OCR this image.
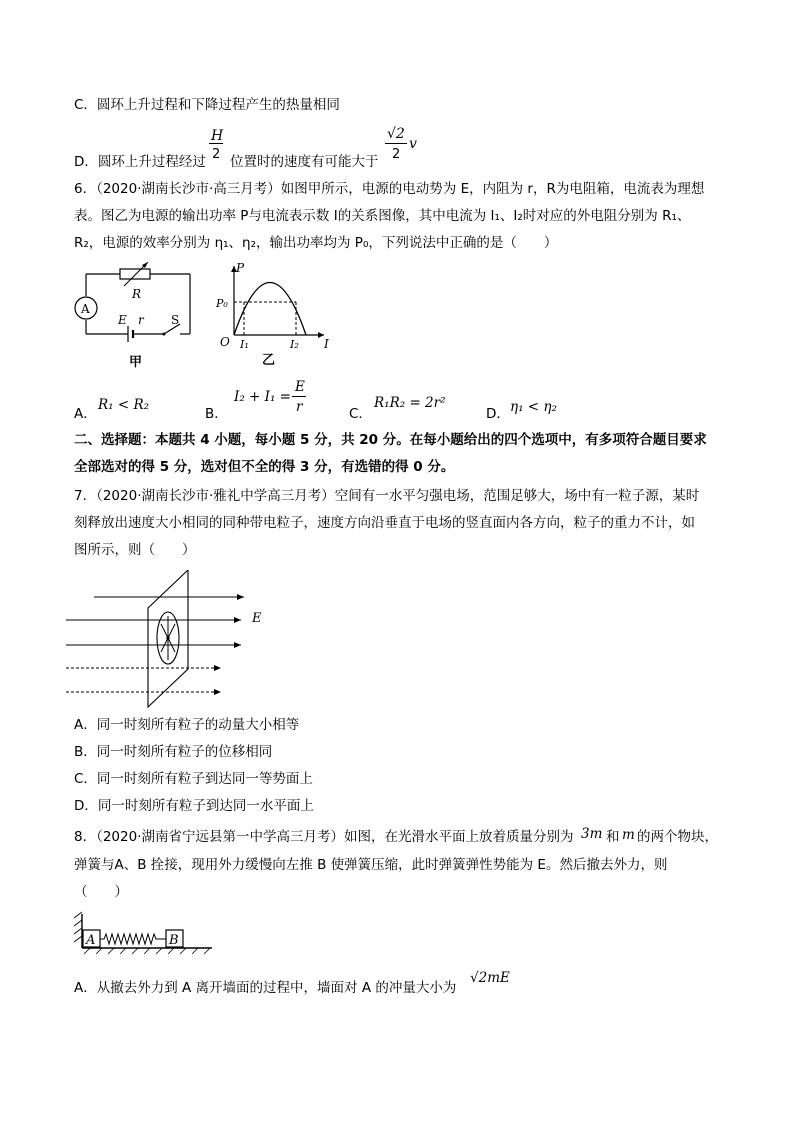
C．圆环上升过程和下降过程产生的热量相同
D．圆环上升过程经过
H
2 位置时的速度有可能大于
√2
2
v
6．（2020·湖南长沙市·高三月考）如图甲所示，电源的电动势为 E，内阻为 r，R为电阻箱，电流表为理想
表。图乙为电源的输出功率 P与电流表示数 I的关系图像，其中电流为 I₁、I₂时对应的外电阻分别为 R₁、
R₂，电源的效率分别为 η₁、η₂，输出功率均为 P₀，下列说法中正确的是（　　）
A
R
E r S
甲
P
P₀
O I₁	I₂ I
乙
A．
R₁ < R₂
B．
I₂ + I₁ =
E
r	C．
R₁R₂ = 2r²
D． η₁ < η₂
二、选择题：本题共 4 小题，每小题 5 分，共 20 分。在每小题给出的四个选项中，有多项符合题目要求
全部选对的得 5 分，选对但不全的得 3 分，有选错的得 0 分。
7．（2020·湖南长沙市·雅礼中学高三月考）空间有一水平匀强电场，范围足够大，场中有一粒子源，某时
刻释放出速度大小相同的同种带电粒子，速度方向沿垂直于电场的竖直面内各方向，粒子的重力不计，如
图所示，则（　　）
E
A．同一时刻所有粒子的动量大小相等
B．同一时刻所有粒子的位移相同
C．同一时刻所有粒子到达同一等势面上
D．同一时刻所有粒子到达同一水平面上
8．（2020·湖南省宁远县第一中学高三月考）如图，在光滑水平面上放着质量分别为 3m 和 m 的两个物块，
弹簧与A、B 拴接，现用外力缓慢向左推 B 使弹簧压缩，此时弹簧弹性势能为 E。然后撤去外力，则
（　　）
A	B
A．从撤去外力到 A 离开墙面的过程中，墙面对 A 的冲量大小为
√2mE
